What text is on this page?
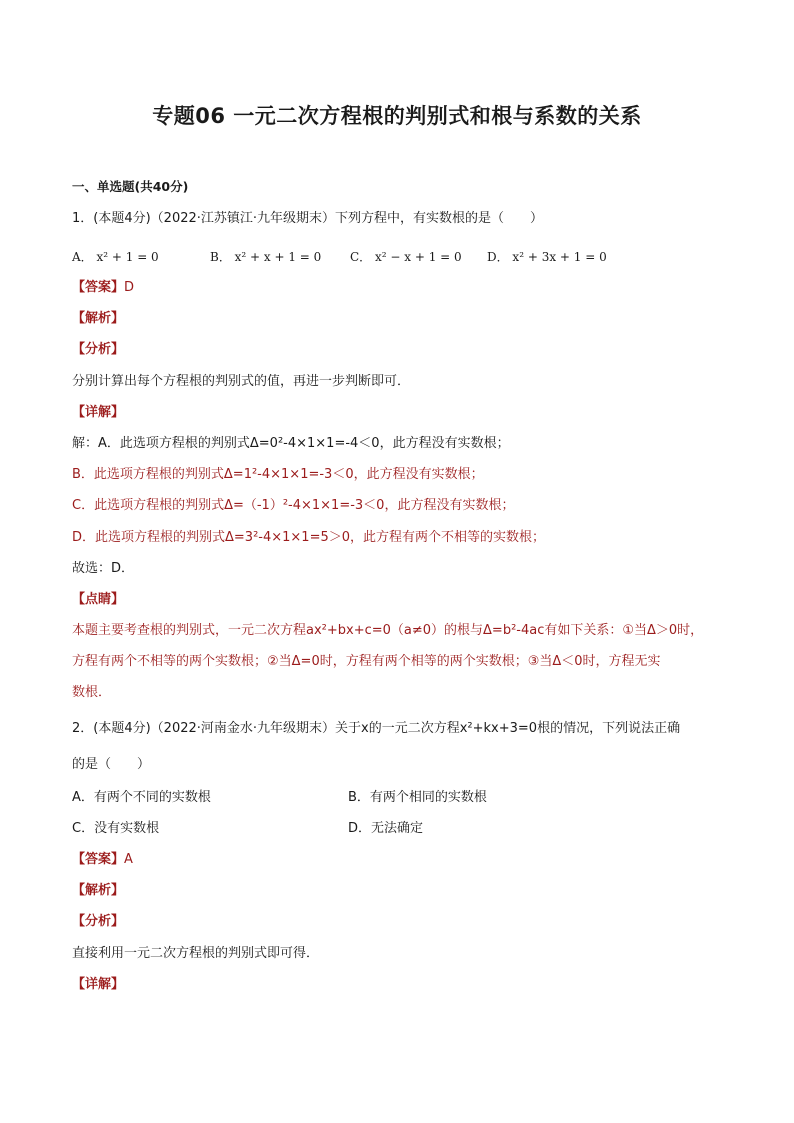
专题06 一元二次方程根的判别式和根与系数的关系
一、单选题(共40分)
1．(本题4分)（2022·江苏镇江·九年级期末）下列方程中，有实数根的是（　　）
A． x² + 1 = 0	B． x² + x + 1 = 0 C． x² − x + 1 = 0 D． x² + 3x + 1 = 0
【答案】D
【解析】
【分析】
分别计算出每个方程根的判别式的值，再进一步判断即可．
【详解】
解：A．此选项方程根的判别式Δ=0²-4×1×1=-4＜0，此方程没有实数根；
B．此选项方程根的判别式Δ=1²-4×1×1=-3＜0，此方程没有实数根；
C．此选项方程根的判别式Δ=（-1）²-4×1×1=-3＜0，此方程没有实数根；
D．此选项方程根的判别式Δ=3²-4×1×1=5＞0，此方程有两个不相等的实数根；
故选：D．
【点睛】
本题主要考查根的判别式，一元二次方程ax²+bx+c=0（a≠0）的根与Δ=b²-4ac有如下关系：①当Δ＞0时，
方程有两个不相等的两个实数根；②当Δ=0时，方程有两个相等的两个实数根；③当Δ＜0时，方程无实
数根．
2．(本题4分)（2022·河南金水·九年级期末）关于x的一元二次方程x²+kx+3=0根的情况，下列说法正确
的是（　　）
A．有两个不同的实数根	B．有两个相同的实数根
C．没有实数根	D．无法确定
【答案】A
【解析】
【分析】
直接利用一元二次方程根的判别式即可得．
【详解】
